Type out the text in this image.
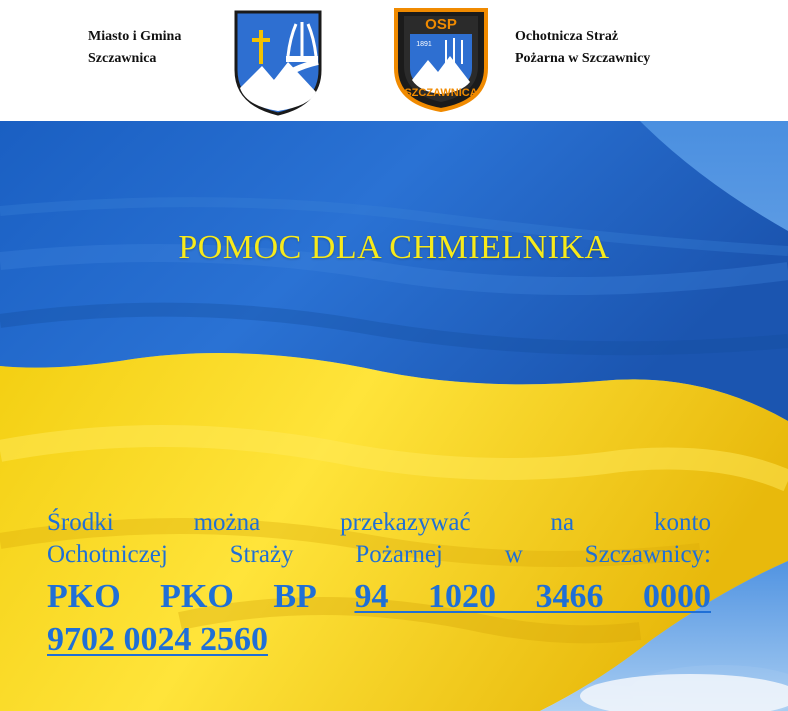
Miasto i Gmina
Szczawnica
OSP
1891
SZCZAWNICA
Ochotnicza Straż
Pożarna w Szczawnicy
POMOC DLA CHMIELNIKA
Środki można przekazywać na konto
Ochotniczej Straży Pożarnej w Szczawnicy:
PKO PKO BP 94 1020 3466 0000
9702 0024 2560
